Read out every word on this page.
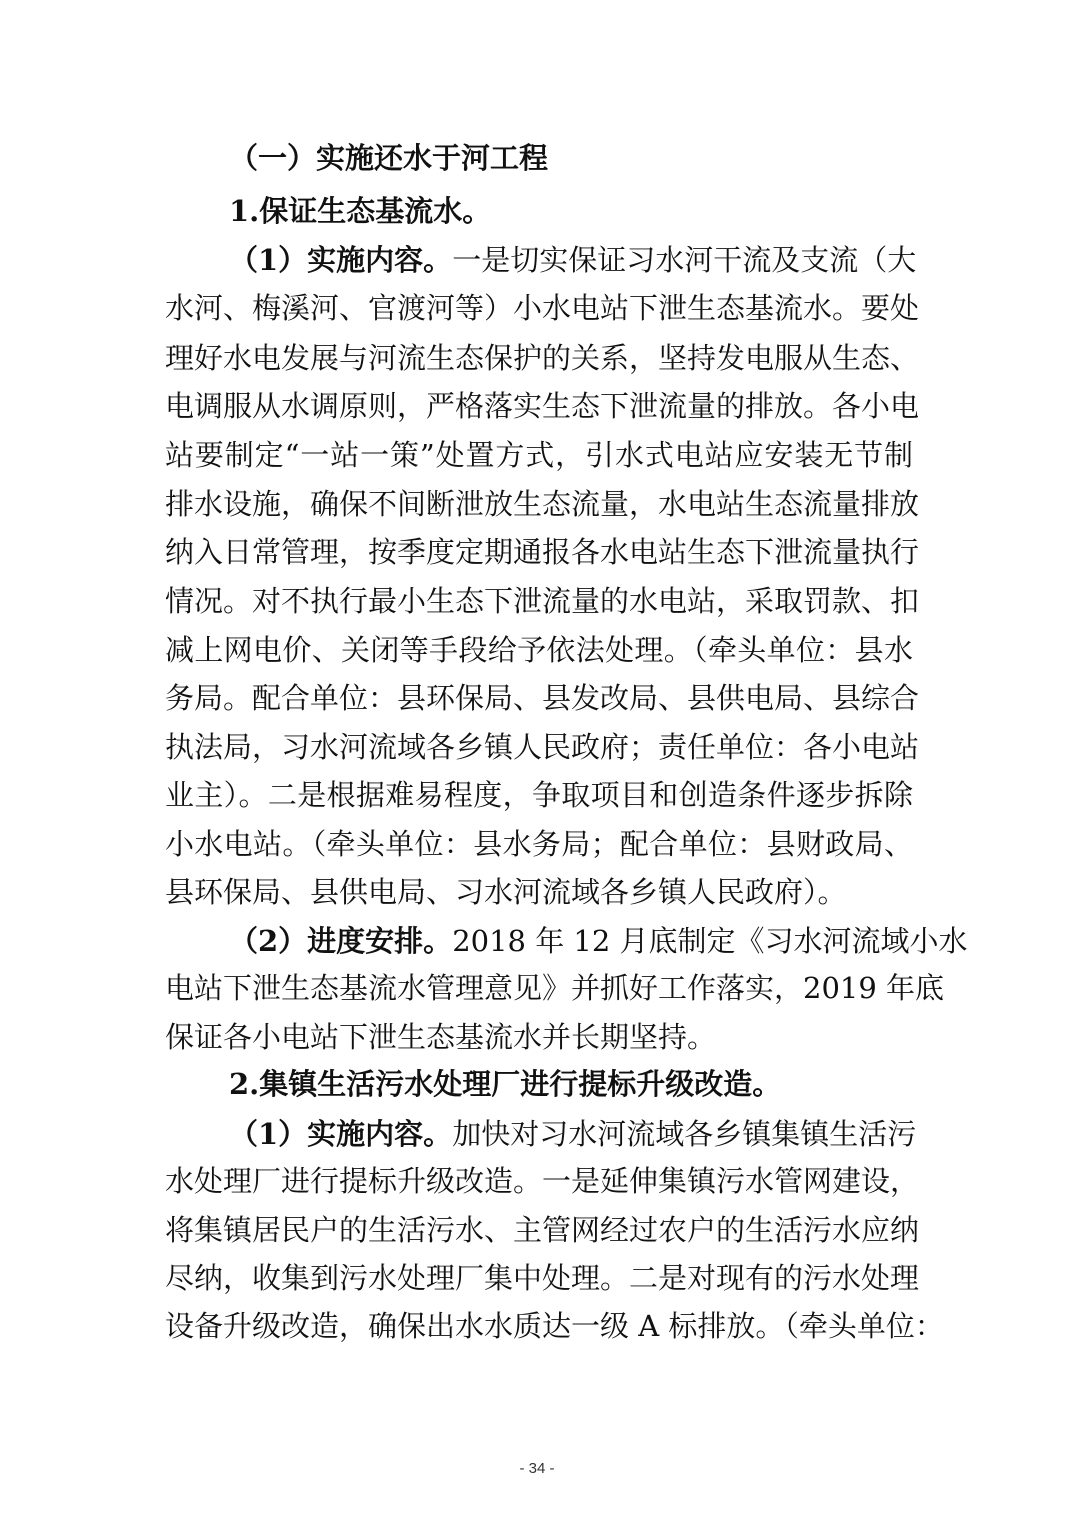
（一）实施还水于河工程
1.保证生态基流水。
（1）实施内容。一是切实保证习水河干流及支流（大
水河、梅溪河、官渡河等）小水电站下泄生态基流水。要处
理好水电发展与河流生态保护的关系，坚持发电服从生态、
电调服从水调原则，严格落实生态下泄流量的排放。各小电
站要制定“一站一策”处置方式，引水式电站应安装无节制
排水设施，确保不间断泄放生态流量，水电站生态流量排放
纳入日常管理，按季度定期通报各水电站生态下泄流量执行
情况。对不执行最小生态下泄流量的水电站，采取罚款、扣
减上网电价、关闭等手段给予依法处理。（牵头单位：县水
务局。配合单位：县环保局、县发改局、县供电局、县综合
执法局，习水河流域各乡镇人民政府；责任单位：各小电站
业主）。二是根据难易程度，争取项目和创造条件逐步拆除
小水电站。（牵头单位：县水务局；配合单位：县财政局、
县环保局、县供电局、习水河流域各乡镇人民政府）。
（2）进度安排。2018 年 12 月底制定《习水河流域小水
电站下泄生态基流水管理意见》并抓好工作落实，2019 年底
保证各小电站下泄生态基流水并长期坚持。
2.集镇生活污水处理厂进行提标升级改造。
（1）实施内容。加快对习水河流域各乡镇集镇生活污
水处理厂进行提标升级改造。一是延伸集镇污水管网建设，
将集镇居民户的生活污水、主管网经过农户的生活污水应纳
尽纳，收集到污水处理厂集中处理。二是对现有的污水处理
设备升级改造，确保出水水质达一级 A 标排放。（牵头单位：
- 34 -
